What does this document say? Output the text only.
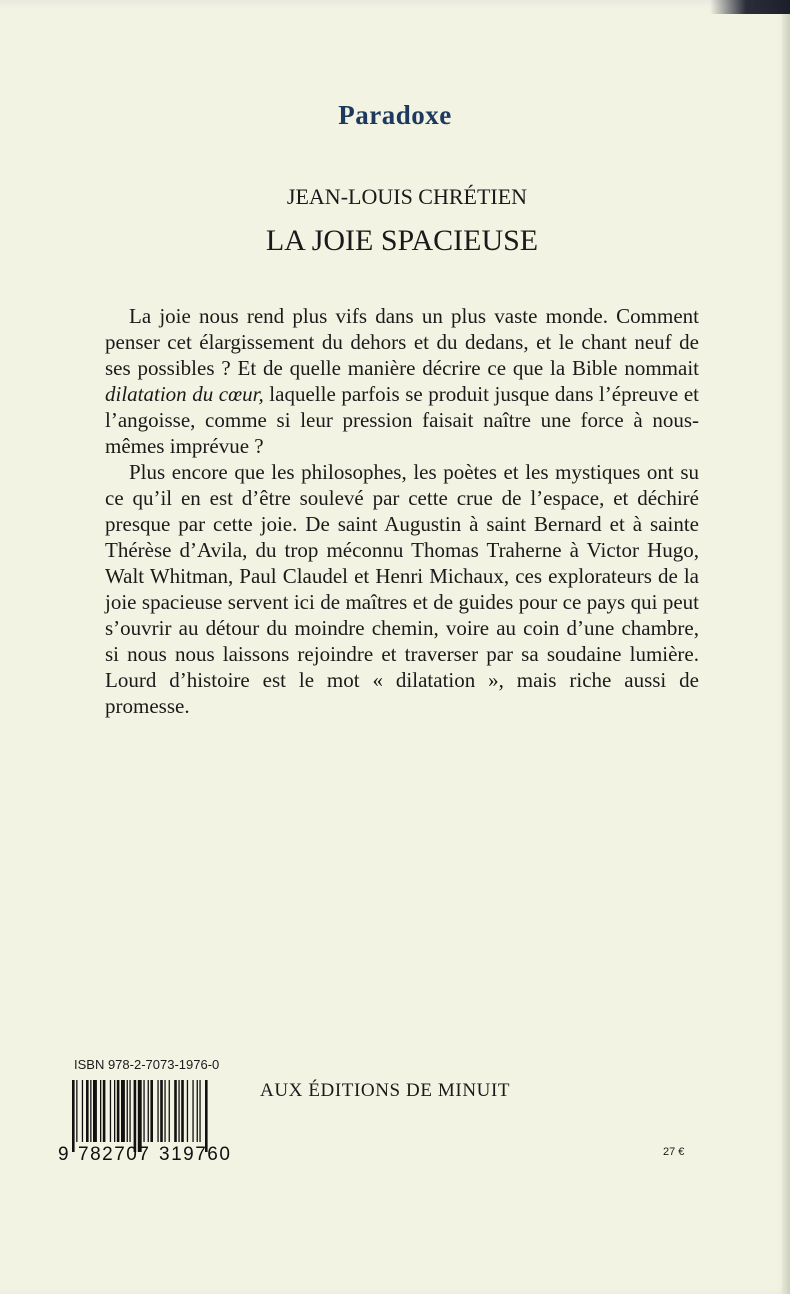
Paradoxe
JEAN-LOUIS CHRÉTIEN
LA JOIE SPACIEUSE

La joie nous rend plus vifs dans un plus vaste monde. Comment penser cet élargissement du dehors et du dedans, et le chant neuf de ses possibles ? Et de quelle manière décrire ce que la Bible nommait dilatation du cœur, laquelle parfois se produit jusque dans l’épreuve et l’angoisse, comme si leur pression faisait naître une force à nous-mêmes imprévue ?

Plus encore que les philosophes, les poètes et les mystiques ont su ce qu’il en est d’être soulevé par cette crue de l’espace, et déchiré presque par cette joie. De saint Augustin à saint Bernard et à sainte Thérèse d’Avila, du trop méconnu Thomas Traherne à Victor Hugo, Walt Whitman, Paul Claudel et Henri Michaux, ces explorateurs de la joie spacieuse servent ici de maîtres et de guides pour ce pays qui peut s’ouvrir au détour du moindre chemin, voire au coin d’une chambre, si nous nous laissons rejoindre et traverser par sa soudaine lumière. Lourd d’histoire est le mot « dilatation », mais riche aussi de promesse.

ISBN 978-2-7073-1976-0
9 782707 319760
AUX ÉDITIONS DE MINUIT
27 €
